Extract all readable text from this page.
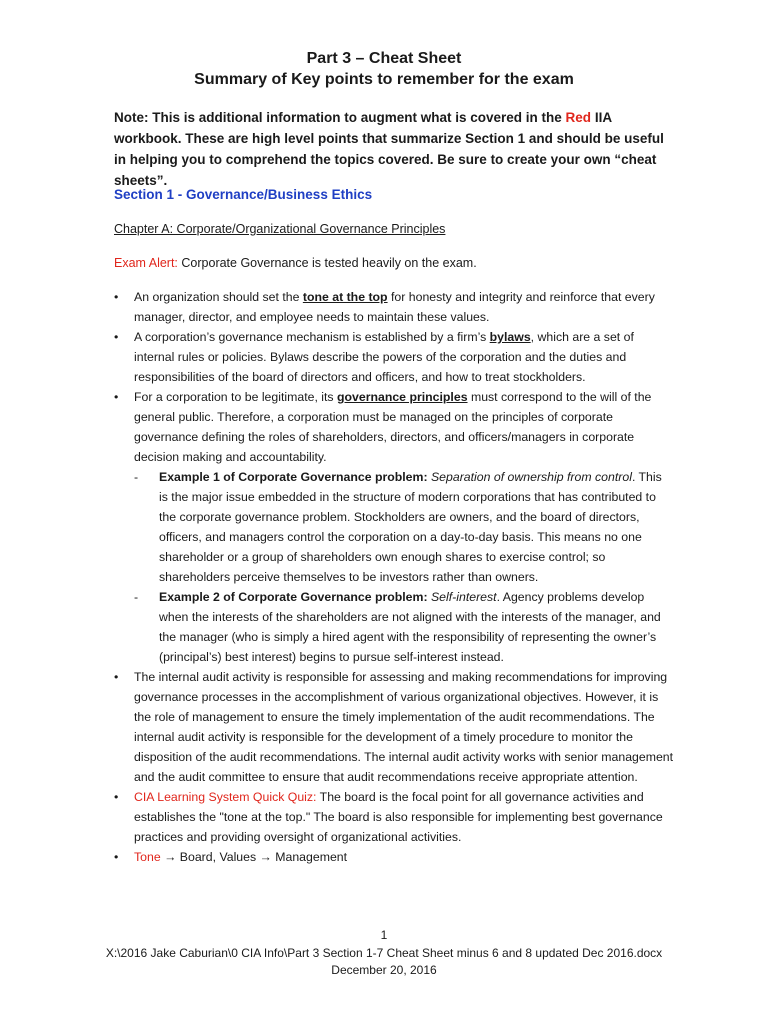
Part 3 – Cheat Sheet
Summary of Key points to remember for the exam
Note: This is additional information to augment what is covered in the Red IIA workbook. These are high level points that summarize Section 1 and should be useful in helping you to comprehend the topics covered. Be sure to create your own “cheat sheets”.
Section 1 - Governance/Business Ethics
Chapter A: Corporate/Organizational Governance Principles
Exam Alert: Corporate Governance is tested heavily on the exam.
• An organization should set the tone at the top for honesty and integrity and reinforce that every manager, director, and employee needs to maintain these values.
• A corporation’s governance mechanism is established by a firm’s bylaws, which are a set of internal rules or policies. Bylaws describe the powers of the corporation and the duties and responsibilities of the board of directors and officers, and how to treat stockholders.
• For a corporation to be legitimate, its governance principles must correspond to the will of the general public. Therefore, a corporation must be managed on the principles of corporate governance defining the roles of shareholders, directors, and officers/managers in corporate decision making and accountability.
- Example 1 of Corporate Governance problem: Separation of ownership from control. This is the major issue embedded in the structure of modern corporations that has contributed to the corporate governance problem. Stockholders are owners, and the board of directors, officers, and managers control the corporation on a day-to-day basis. This means no one shareholder or a group of shareholders own enough shares to exercise control; so shareholders perceive themselves to be investors rather than owners.
- Example 2 of Corporate Governance problem: Self-interest. Agency problems develop when the interests of the shareholders are not aligned with the interests of the manager, and the manager (who is simply a hired agent with the responsibility of representing the owner’s (principal’s) best interest) begins to pursue self-interest instead.
• The internal audit activity is responsible for assessing and making recommendations for improving governance processes in the accomplishment of various organizational objectives. However, it is the role of management to ensure the timely implementation of the audit recommendations. The internal audit activity is responsible for the development of a timely procedure to monitor the disposition of the audit recommendations. The internal audit activity works with senior management and the audit committee to ensure that audit recommendations receive appropriate attention.
• CIA Learning System Quick Quiz: The board is the focal point for all governance activities and establishes the "tone at the top." The board is also responsible for implementing best governance practices and providing oversight of organizational activities.
• Tone → Board, Values → Management
1
X:\2016 Jake Caburian\0 CIA Info\Part 3 Section 1-7 Cheat Sheet minus 6 and 8 updated Dec 2016.docx
December 20, 2016
